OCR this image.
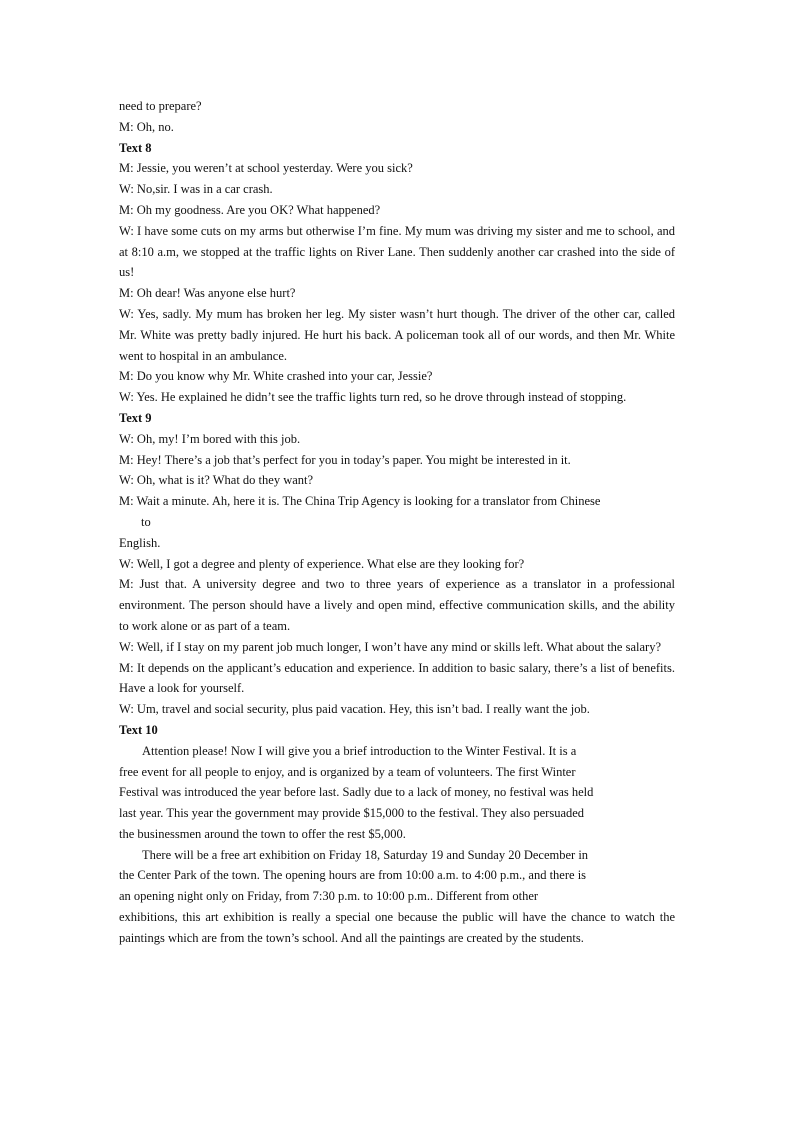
need to prepare?

M: Oh, no.

Text 8

M: Jessie, you weren’t at school yesterday. Were you sick?

W: No,sir. I was in a car crash.

M: Oh my goodness. Are you OK? What happened?

W: I have some cuts on my arms but otherwise I’m fine. My mum was driving my sister and me to school, and at 8:10 a.m, we stopped at the traffic lights on River Lane. Then suddenly another car crashed into the side of us!

M: Oh dear! Was anyone else hurt?

W: Yes, sadly. My mum has broken her leg. My sister wasn’t hurt though. The driver of the other car, called Mr. White was pretty badly injured. He hurt his back. A policeman took all of our words, and then Mr. White went to hospital in an ambulance.

M: Do you know why Mr. White crashed into your car, Jessie?

W: Yes. He explained he didn’t see the traffic lights turn red, so he drove through instead of stopping.

Text 9

W: Oh, my! I’m bored with this job.

M: Hey! There’s a job that’s perfect for you in today’s paper. You might be interested in it.

W: Oh, what is it? What do they want?

M: Wait a minute. Ah, here it is. The China Trip Agency is looking for a translator from Chinese

to

English.

W: Well, I got a degree and plenty of experience. What else are they looking for?

M: Just that. A university degree and two to three years of experience as a translator in a professional environment. The person should have a lively and open mind, effective communication skills, and the ability to work alone or as part of a team.

W: Well, if I stay on my parent job much longer, I won’t have any mind or skills left. What about the salary?

M: It depends on the applicant’s education and experience. In addition to basic salary, there’s a list of benefits. Have a look for yourself.

W: Um, travel and social security, plus paid vacation. Hey, this isn’t bad. I really want the job.

Text 10

Attention please! Now I will give you a brief introduction to the Winter Festival. It is a

free event for all people to enjoy, and is organized by a team of volunteers. The first Winter

Festival was introduced the year before last. Sadly due to a lack of money, no festival was held

last year. This year the government may provide $15,000 to the festival. They also persuaded

the businessmen around the town to offer the rest $5,000.

There will be a free art exhibition on Friday 18, Saturday 19 and Sunday 20 December in

the Center Park of the town. The opening hours are from 10:00 a.m. to 4:00 p.m., and there is

an opening night only on Friday, from 7:30 p.m. to 10:00 p.m.. Different from other

exhibitions, this art exhibition is really a special one because the public will have the chance to watch the paintings which are from the town’s school. And all the paintings are created by the students.
